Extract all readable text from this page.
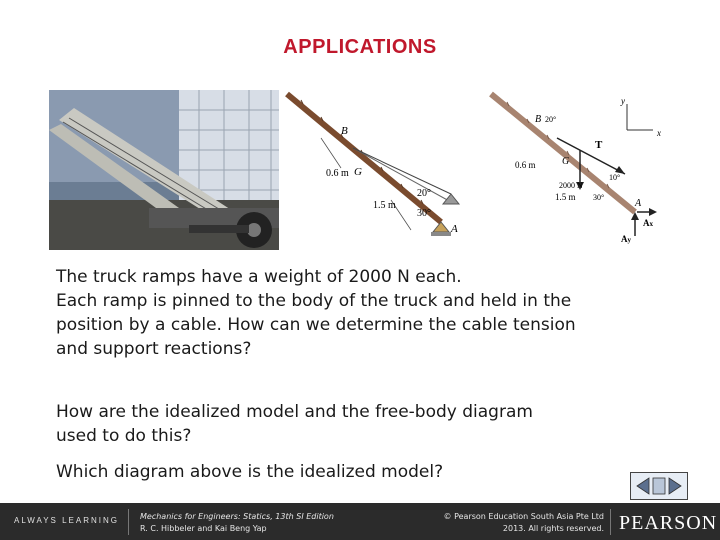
APPLICATIONS
B
G
A
0.6 m
1.5 m
20°
30°
y
x
B
G
T
A
Ax
Ay
0.6 m
1.5 m
2000 N
20°
30°
10°
The truck ramps have a weight of 2000 N each.
Each ramp is pinned to the body of the truck and held in the
position by a cable. How can we determine the cable tension
and support reactions?
How are the idealized model and the free-body diagram
used to do this?
Which diagram above is the idealized model?
ALWAYS LEARNING	Mechanics for Engineers: Statics, 13th SI Edition
R. C. Hibbeler and Kai Beng Yap
© Pearson Education South Asia Pte Ltd
2013. All rights reserved. PEARSON
